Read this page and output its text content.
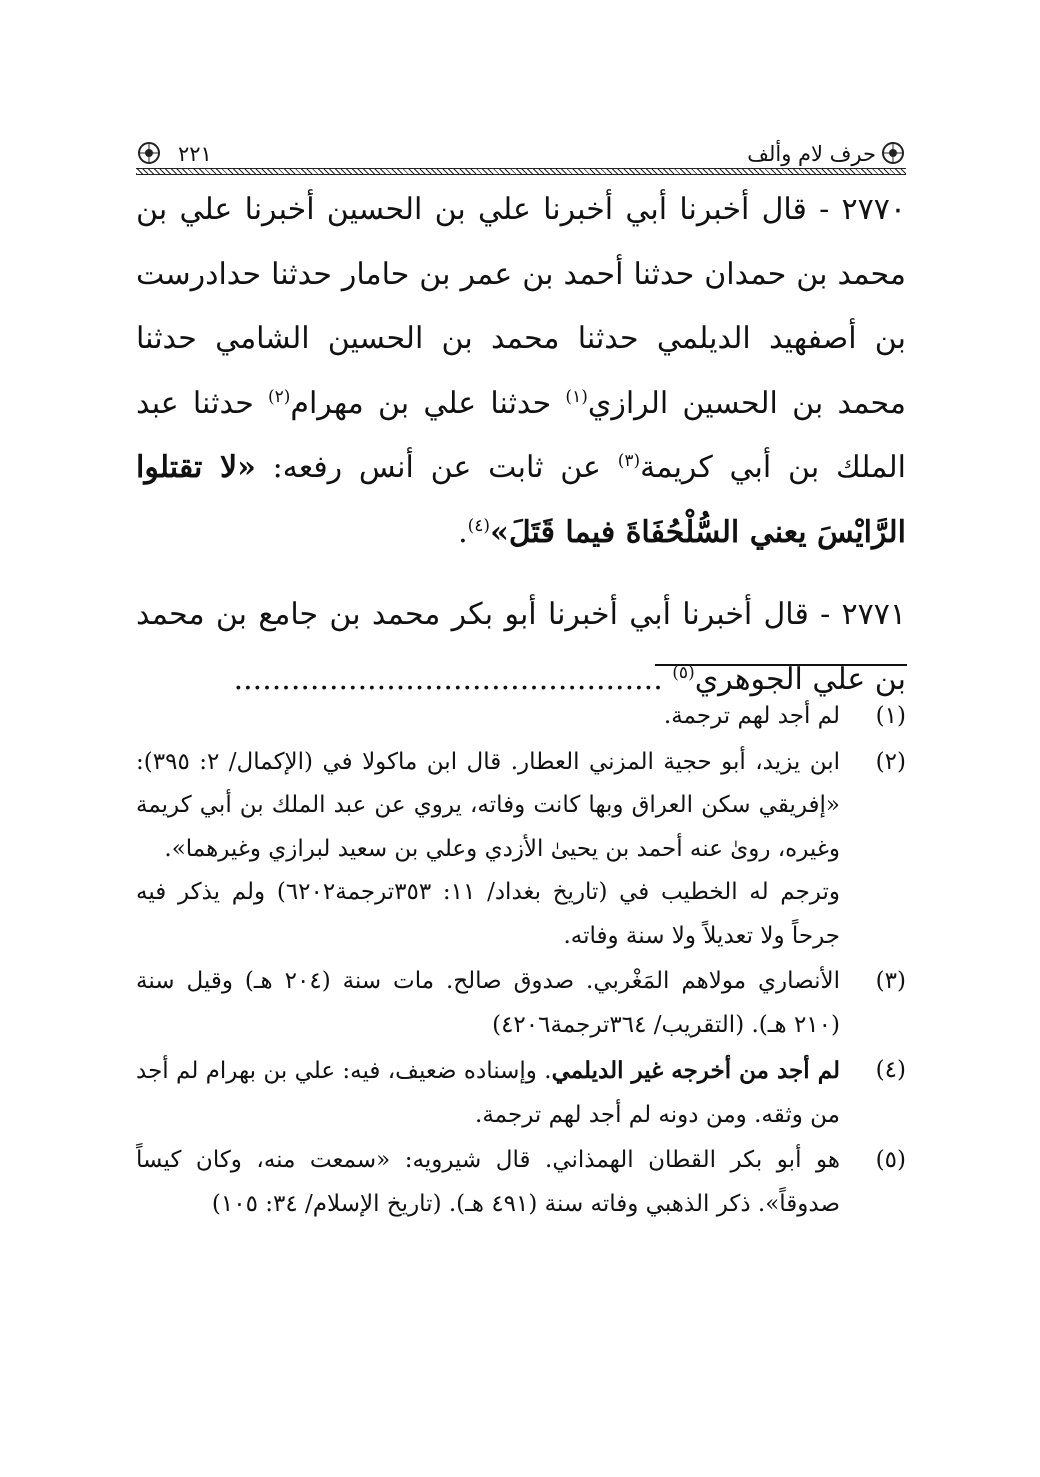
٢٢١	حرف لام وألف

٢٧٧٠ - قال أخبرنا أبي أخبرنا علي بن الحسين أخبرنا علي بن محمد بن حمدان حدثنا أحمد بن عمر بن حامار حدثنا حدادرست بن أصفهيد الديلمي حدثنا محمد بن الحسين الشامي حدثنا محمد بن الحسين الرازي$^{(١)}$ حدثنا علي بن مهرام$^{(٢)}$ حدثنا عبد الملك بن أبي كريمة$^{(٣)}$ عن ثابت عن أنس رفعه: «لا تقتلوا الرَّايْسَ يعني السُّلْحُفَاةَ فيما قَتَلَ»$^{(٤)}$.

٢٧٧١ - قال أخبرنا أبي أخبرنا أبو بكر محمد بن جامع بن محمد بن علي الجوهري$^{(٥)}$ .............................................

(١)

لم أجد لهم ترجمة.

(٢)

ابن يزيد، أبو حجية المزني العطار. قال ابن ماكولا في (الإكمال/ ٢: ٣٩٥): «إفريقي سكن العراق وبها كانت وفاته، يروي عن عبد الملك بن أبي كريمة وغيره، روىٰ عنه أحمد بن يحيىٰ الأزدي وعلي بن سعيد لبرازي وغيرهما».

وترجم له الخطيب في (تاريخ بغداد/ ١١: ٣٥٣ترجمة٦٢٠٢) ولم يذكر فيه جرحاً ولا تعديلاً ولا سنة وفاته.

(٣)

الأنصاري مولاهم المَغْربي. صدوق صالح. مات سنة (٢٠٤ هـ) وقيل سنة (٢١٠ هـ). (التقريب/ ٣٦٤ترجمة٤٢٠٦)

(٤)

لم أجد من أخرجه غير الديلمي. وإسناده ضعيف، فيه: علي بن بهرام لم أجد من وثقه. ومن دونه لم أجد لهم ترجمة.

(٥)

هو أبو بكر القطان الهمذاني. قال شيرويه: «سمعت منه، وكان كيساً صدوقاً». ذكر الذهبي وفاته سنة (٤٩١ هـ). (تاريخ الإسلام/ ٣٤: ١٠٥)
